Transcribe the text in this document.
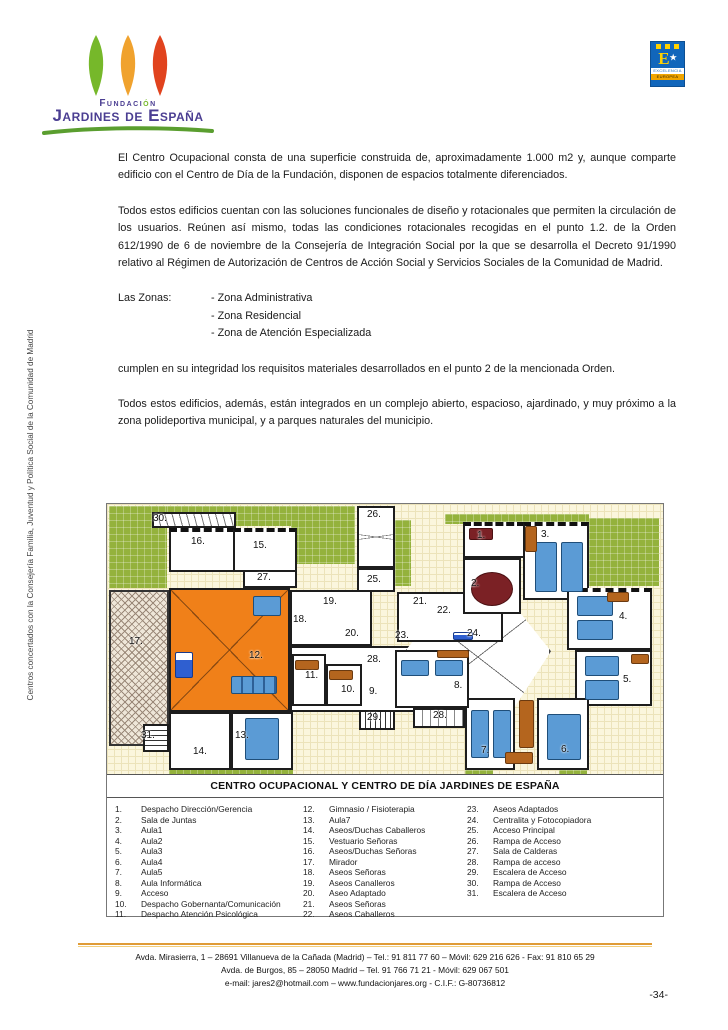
Fundación
Jardines de España
E★
EXCELENCIA
EUROPEA
Centros concertados con la Consejería Familia, Juventud y Política Social de la Comunidad de Madrid

El Centro Ocupacional consta de una superficie construida de, aproximadamente 1.000 m2 y, aunque comparte edificio con el Centro de Día de la Fundación, disponen de espacios totalmente diferenciados.

Todos estos edificios cuentan con las soluciones funcionales de diseño y rotacionales que permiten la circulación de los usuarios. Reúnen así mismo, todas las condiciones rotacionales recogidas en el punto 1.2. de la Orden 612/1990 de 6 de noviembre de la Consejería de Integración Social por la que se desarrolla el Decreto 91/1990 relativo al Régimen de Autorización de Centros de Acción Social y Servicios Sociales de la Comunidad de Madrid.

Las Zonas:	- Zona Administrativa
- Zona Residencial
- Zona de Atención Especializada

cumplen en su integridad los requisitos materiales desarrollados en el punto 2 de la mencionada Orden.

Todos estos edificios, además, están integrados en un complejo abierto, espacioso, ajardinado, y muy próximo a la zona polideportiva municipal, y a parques naturales del municipio.

30.
16.	15.
27.
26.
25.
17.
12.
18.
19.
20.
21.
22.
23.	24.
28.
9.
10.
11.
29.
31.
14.
13.
1.
2.
3.
4.
5.
6.
7.
8.
28.
CENTRO OCUPACIONAL Y CENTRO DE DÍA JARDINES DE ESPAÑA
1.	Despacho Dirección/Gerencia
2.	Sala de Juntas
3.	Aula1
4.	Aula2
5.	Aula3
6.	Aula4
7.	Aula5
8.	Aula Informática
9.	Acceso
10.	Despacho Gobernanta/Comunicación
11.	Despacho Atención Psicológica
12.	Gimnasio / Fisioterapia
13.	Aula7
14.	Aseos/Duchas Caballeros
15.	Vestuario Señoras
16.	Aseos/Duchas Señoras
17.	Mirador
18.	Aseos Señoras
19.	Aseos Canalleros
20.	Aseo Adaptado
21.	Aseos Señoras
22.	Aseos Caballeros
23.	Aseos Adaptados
24.	Centralita y Fotocopiadora
25.	Acceso Principal
26.	Rampa de Acceso
27.	Sala de Calderas
28.	Rampa de acceso
29.	Escalera de Acceso
30.	Rampa de Acceso
31.	Escalera de Acceso
Avda. Mirasierra, 1 – 28691 Villanueva de la Cañada (Madrid) – Tel.: 91 811 77 60 – Móvil: 629 216 626 - Fax: 91 810 65 29
Avda. de Burgos, 85 – 28050 Madrid – Tel. 91 766 71 21 - Móvil: 629 067 501
e-mail: jares2@hotmail.com – www.fundacionjares.org - C.I.F.: G-80736812
-34-
